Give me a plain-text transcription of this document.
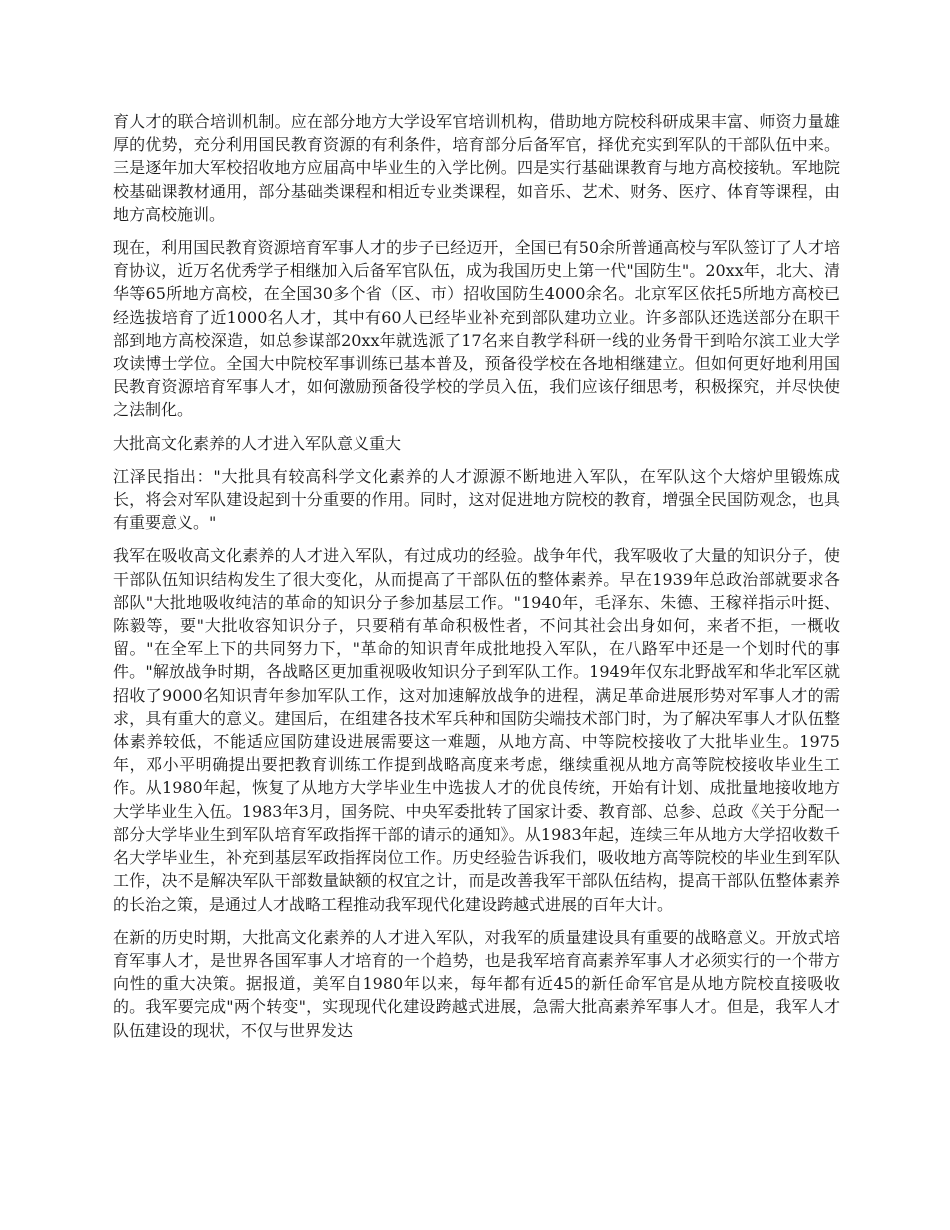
育人才的联合培训机制。应在部分地方大学设军官培训机构，借助地方院校科研成果丰富、师资力量雄厚的优势，充分利用国民教育资源的有利条件，培育部分后备军官，择优充实到军队的干部队伍中来。三是逐年加大军校招收地方应届高中毕业生的入学比例。四是实行基础课教育与地方高校接轨。军地院校基础课教材通用，部分基础类课程和相近专业类课程，如音乐、艺术、财务、医疗、体育等课程，由地方高校施训。

现在，利用国民教育资源培育军事人才的步子已经迈开，全国已有50余所普通高校与军队签订了人才培育协议，近万名优秀学子相继加入后备军官队伍，成为我国历史上第一代"国防生"。20xx年，北大、清华等65所地方高校，在全国30多个省（区、市）招收国防生4000余名。北京军区依托5所地方高校已经选拔培育了近1000名人才，其中有60人已经毕业补充到部队建功立业。许多部队还选送部分在职干部到地方高校深造，如总参谋部20xx年就选派了17名来自教学科研一线的业务骨干到哈尔滨工业大学攻读博士学位。全国大中院校军事训练已基本普及，预备役学校在各地相继建立。但如何更好地利用国民教育资源培育军事人才，如何激励预备役学校的学员入伍，我们应该仔细思考，积极探究，并尽快使之法制化。

大批高文化素养的人才进入军队意义重大

江泽民指出："大批具有较高科学文化素养的人才源源不断地进入军队，在军队这个大熔炉里锻炼成长，将会对军队建设起到十分重要的作用。同时，这对促进地方院校的教育，增强全民国防观念，也具有重要意义。"

我军在吸收高文化素养的人才进入军队，有过成功的经验。战争年代，我军吸收了大量的知识分子，使干部队伍知识结构发生了很大变化，从而提高了干部队伍的整体素养。早在1939年总政治部就要求各部队"大批地吸收纯洁的革命的知识分子参加基层工作。"1940年，毛泽东、朱德、王稼祥指示叶挺、陈毅等，要"大批收容知识分子，只要稍有革命积极性者，不问其社会出身如何，来者不拒，一概收留。"在全军上下的共同努力下，"革命的知识青年成批地投入军队，在八路军中还是一个划时代的事件。"解放战争时期，各战略区更加重视吸收知识分子到军队工作。1949年仅东北野战军和华北军区就招收了9000名知识青年参加军队工作，这对加速解放战争的进程，满足革命进展形势对军事人才的需求，具有重大的意义。建国后，在组建各技术军兵种和国防尖端技术部门时，为了解决军事人才队伍整体素养较低，不能适应国防建设进展需要这一难题，从地方高、中等院校接收了大批毕业生。1975年，邓小平明确提出要把教育训练工作提到战略高度来考虑，继续重视从地方高等院校接收毕业生工作。从1980年起，恢复了从地方大学毕业生中选拔人才的优良传统，开始有计划、成批量地接收地方大学毕业生入伍。1983年3月，国务院、中央军委批转了国家计委、教育部、总参、总政《关于分配一部分大学毕业生到军队培育军政指挥干部的请示的通知》。从1983年起，连续三年从地方大学招收数千名大学毕业生，补充到基层军政指挥岗位工作。历史经验告诉我们，吸收地方高等院校的毕业生到军队工作，决不是解决军队干部数量缺额的权宜之计，而是改善我军干部队伍结构，提高干部队伍整体素养的长治之策，是通过人才战略工程推动我军现代化建设跨越式进展的百年大计。

在新的历史时期，大批高文化素养的人才进入军队，对我军的质量建设具有重要的战略意义。开放式培育军事人才，是世界各国军事人才培育的一个趋势，也是我军培育高素养军事人才必须实行的一个带方向性的重大决策。据报道，美军自1980年以来，每年都有近45的新任命军官是从地方院校直接吸收的。我军要完成"两个转变"，实现现代化建设跨越式进展，急需大批高素养军事人才。但是，我军人才队伍建设的现状，不仅与世界发达
